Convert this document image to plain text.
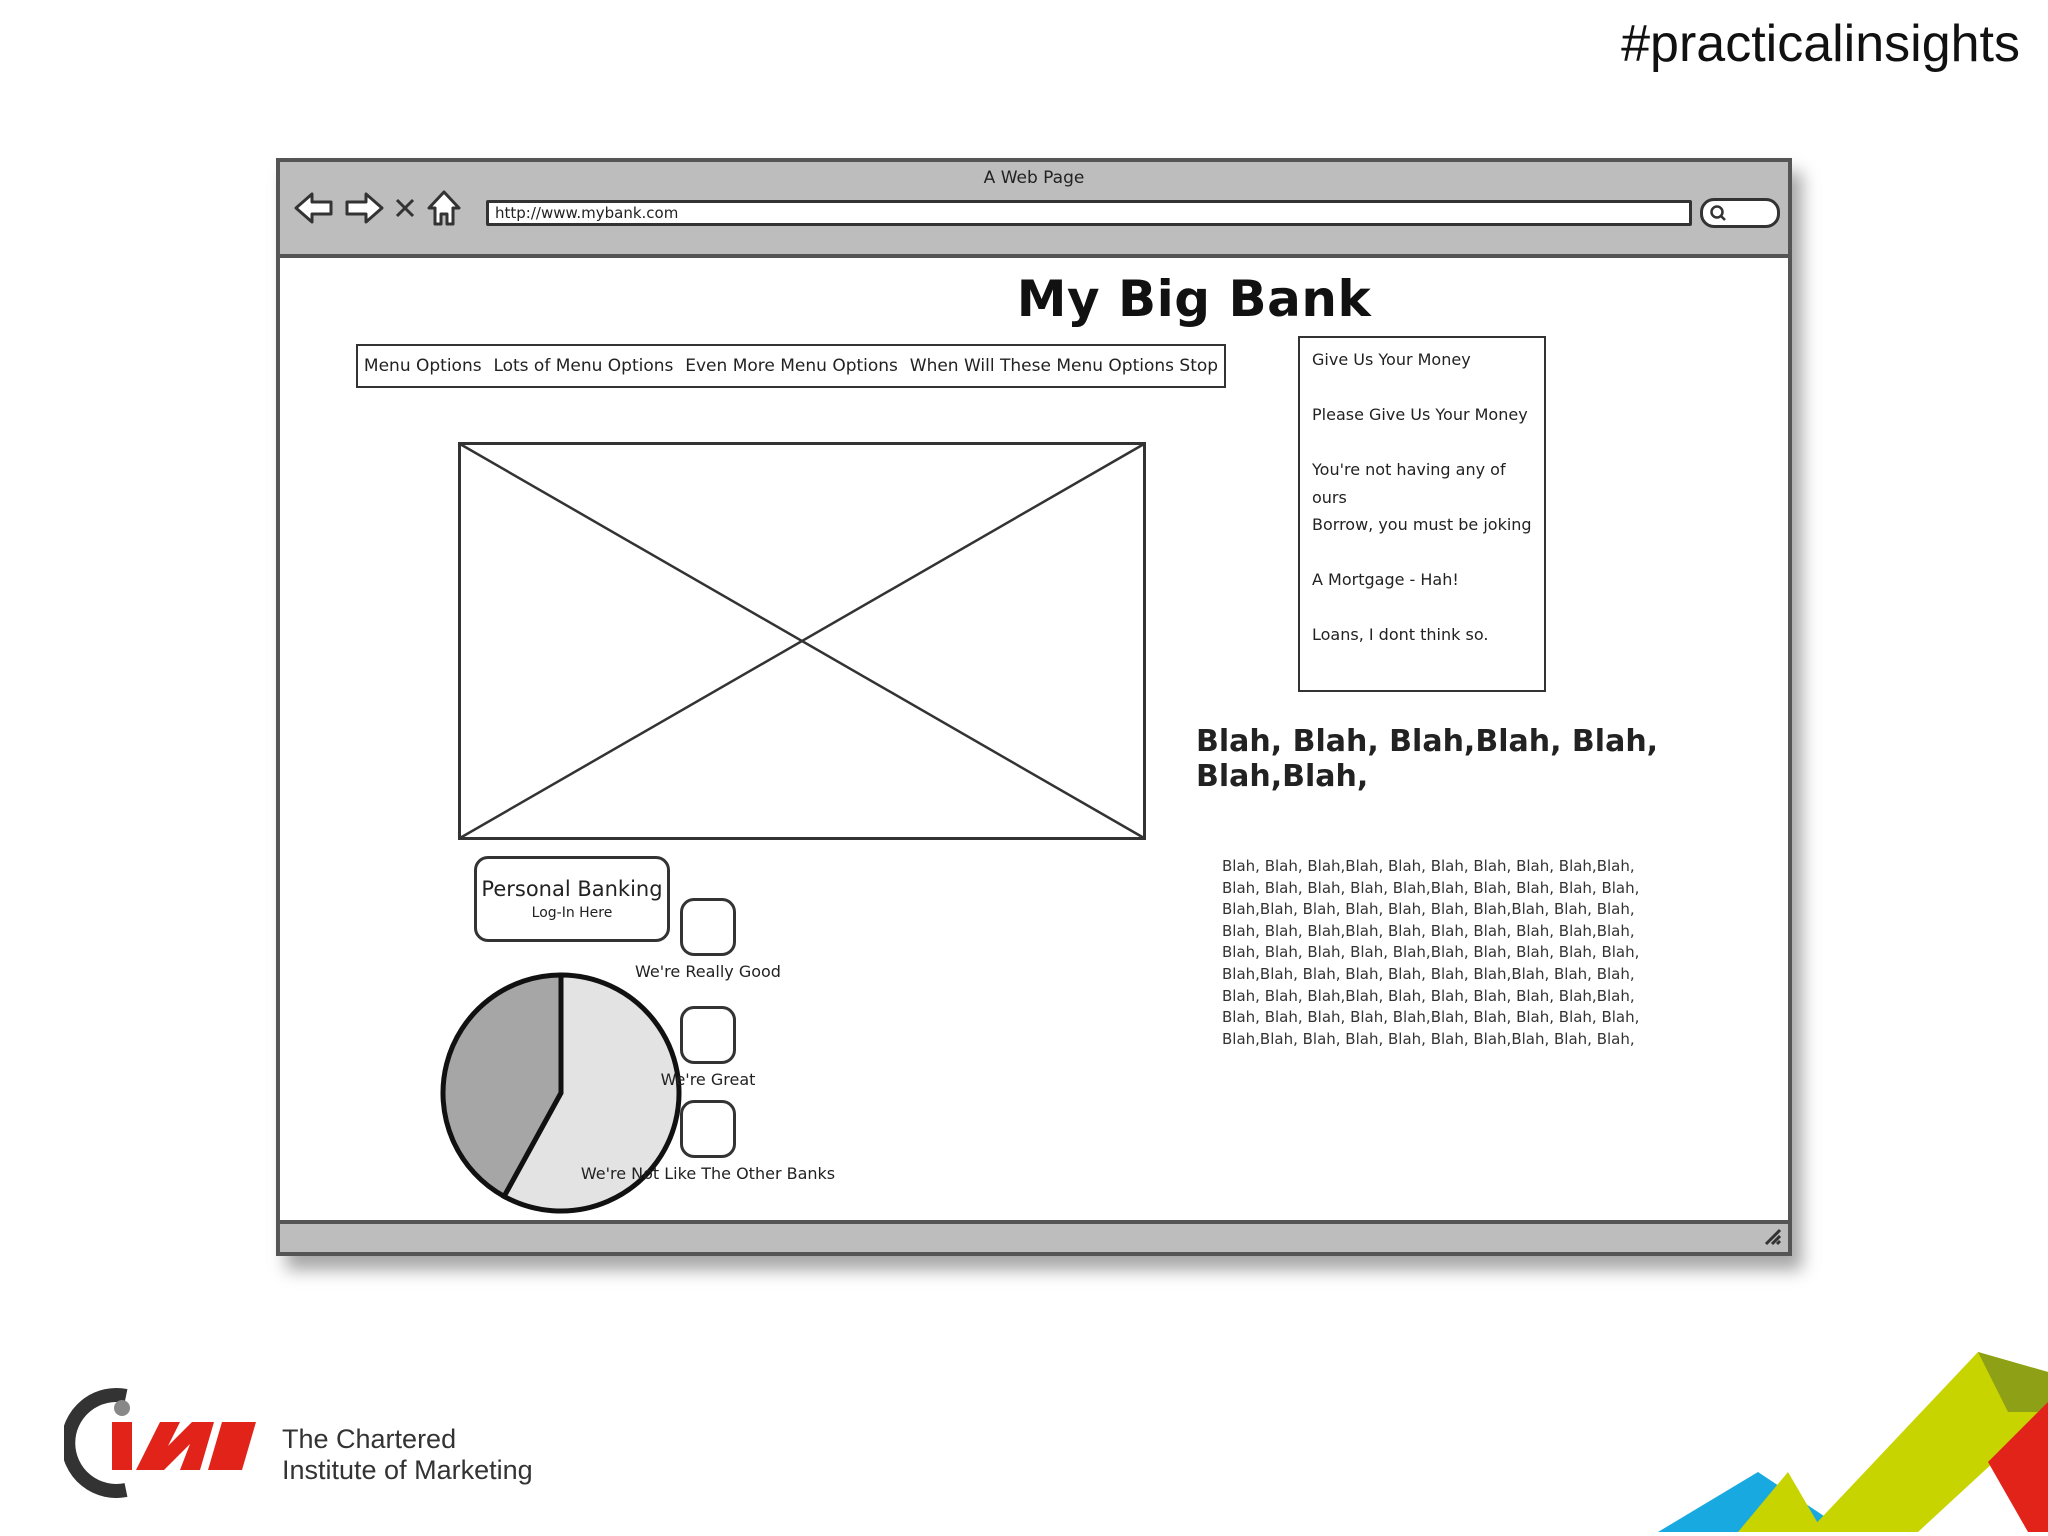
#practicalinsights
A Web Page
http://www.mybank.com
My Big Bank
Menu Options Lots of Menu Options Even More Menu Options When Will These Menu Options Stop	Give Us Your Money
Please Give Us Your Money
You're not having any of ours
Borrow, you must be joking
A Mortgage - Hah!
Loans, I dont think so.
Blah, Blah, Blah,Blah, Blah, Blah,Blah,
Blah, Blah, Blah,Blah, Blah, Blah, Blah, Blah, Blah,Blah,
Blah, Blah, Blah, Blah, Blah,Blah, Blah, Blah, Blah, Blah,
Blah,Blah, Blah, Blah, Blah, Blah, Blah,Blah, Blah, Blah,
Blah, Blah, Blah,Blah, Blah, Blah, Blah, Blah, Blah,Blah,
Blah, Blah, Blah, Blah, Blah,Blah, Blah, Blah, Blah, Blah,
Blah,Blah, Blah, Blah, Blah, Blah, Blah,Blah, Blah, Blah,
Blah, Blah, Blah,Blah, Blah, Blah, Blah, Blah, Blah,Blah,
Blah, Blah, Blah, Blah, Blah,Blah, Blah, Blah, Blah, Blah,
Blah,Blah, Blah, Blah, Blah, Blah, Blah,Blah, Blah, Blah,
Personal Banking
Log-In Here
We're Really Good
We're Great
We're Not Like The Other Banks
The Chartered
Institute of Marketing
